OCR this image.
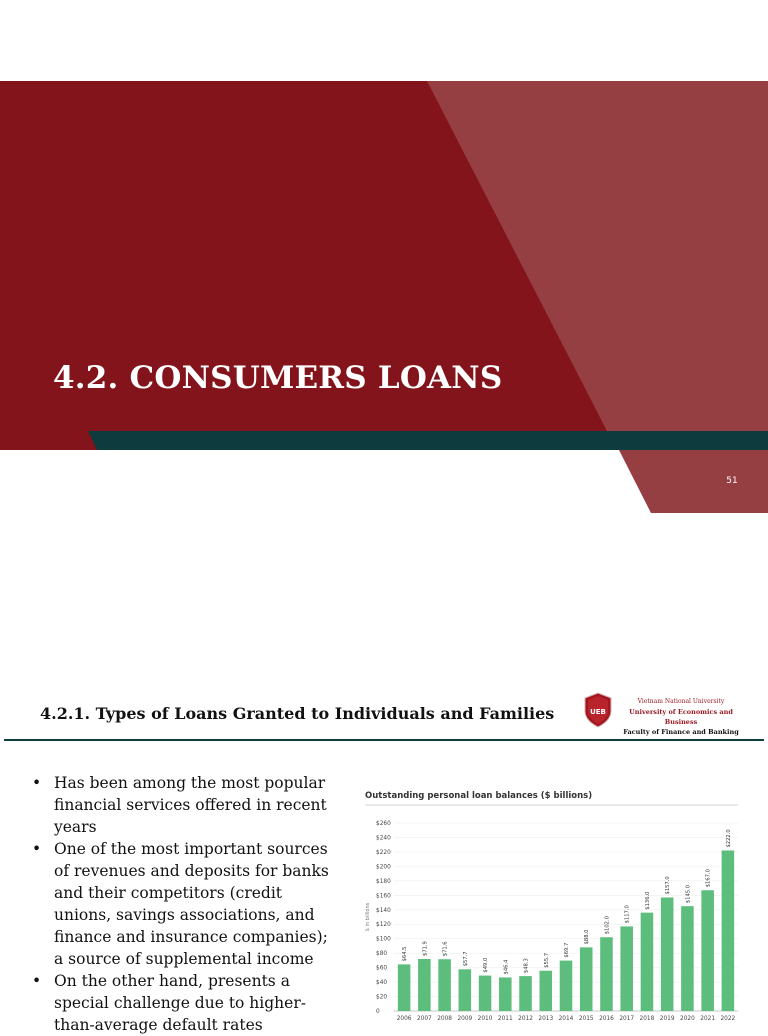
4.2. CONSUMERS LOANS
51
4.2.1. Types of Loans Granted to Individuals and Families	UEB
Vietnam National University
University of Economics and Business
Faculty of Finance and Banking
• Has been among the most popular financial services offered in recent years
• One of the most important sources of revenues and deposits for banks and their competitors (credit unions, savings associations, and finance and insurance companies); a source of supplemental income
• On the other hand, presents a special challenge due to higher-than-average default rates

Outstanding personal loan balances ($ billions)

0
$20
$40
$60
$80
$100
$120
$140
$160
$180
$200
$220
$240
$260
$ in billions
$64.5
2006
$71.9
2007
$71.6
2008
$57.7
2009
$49.0
2010
$46.4
2011
$48.3
2012
$55.7
2013
$69.7
2014
$88.0
2015
$102.0
2016
$117.0
2017
$136.0
2018
$157.0
2019
$145.0
2020
$167.0
2021
$222.0
2022
